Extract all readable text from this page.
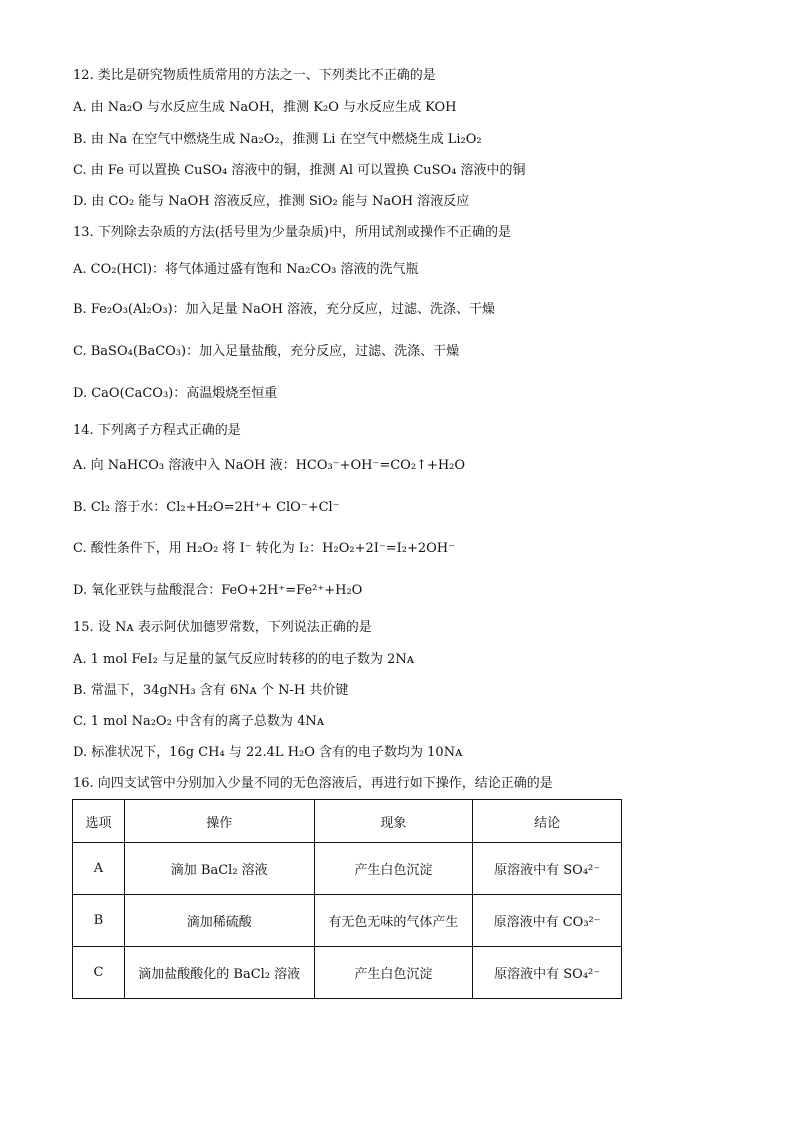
12. 类比是研究物质性质常用的方法之一、下列类比不正确的是
A. 由 Na₂O 与水反应生成 NaOH，推测 K₂O 与水反应生成 KOH
B. 由 Na 在空气中燃烧生成 Na₂O₂，推测 Li 在空气中燃烧生成 Li₂O₂
C. 由 Fe 可以置换 CuSO₄ 溶液中的铜，推测 Al 可以置换 CuSO₄ 溶液中的铜
D. 由 CO₂ 能与 NaOH 溶液反应，推测 SiO₂ 能与 NaOH 溶液反应
13. 下列除去杂质的方法(括号里为少量杂质)中，所用试剂或操作不正确的是
A. CO₂(HCl)：将气体通过盛有饱和 Na₂CO₃ 溶液的洗气瓶
B. Fe₂O₃(Al₂O₃)：加入足量 NaOH 溶液，充分反应，过滤、洗涤、干燥
C. BaSO₄(BaCO₃)：加入足量盐酸，充分反应，过滤、洗涤、干燥
D. CaO(CaCO₃)：高温煅烧至恒重
14. 下列离子方程式正确的是
A. 向 NaHCO₃ 溶液中入 NaOH 液：HCO₃⁻+OH⁻=CO₂↑+H₂O
B. Cl₂ 溶于水：Cl₂+H₂O=2H⁺+ ClO⁻+Cl⁻
C. 酸性条件下，用 H₂O₂ 将 I⁻ 转化为 I₂：H₂O₂+2I⁻=I₂+2OH⁻
D. 氧化亚铁与盐酸混合：FeO+2H⁺=Fe²⁺+H₂O
15. 设 Nᴀ 表示阿伏加德罗常数，下列说法正确的是
A. 1 mol FeI₂ 与足量的氯气反应时转移的的电子数为 2Nᴀ
B. 常温下，34gNH₃ 含有 6Nᴀ 个 N-H 共价键
C. 1 mol Na₂O₂ 中含有的离子总数为 4Nᴀ
D. 标准状况下，16g CH₄ 与 22.4L H₂O 含有的电子数均为 10Nᴀ
16. 向四支试管中分别加入少量不同的无色溶液后，再进行如下操作，结论正确的是
选项	操作	现象	结论
A	滴加 BaCl₂ 溶液	产生白色沉淀	原溶液中有 SO₄²⁻
B	滴加稀硫酸	有无色无味的气体产生	原溶液中有 CO₃²⁻
C	滴加盐酸酸化的 BaCl₂ 溶液	产生白色沉淀	原溶液中有 SO₄²⁻
